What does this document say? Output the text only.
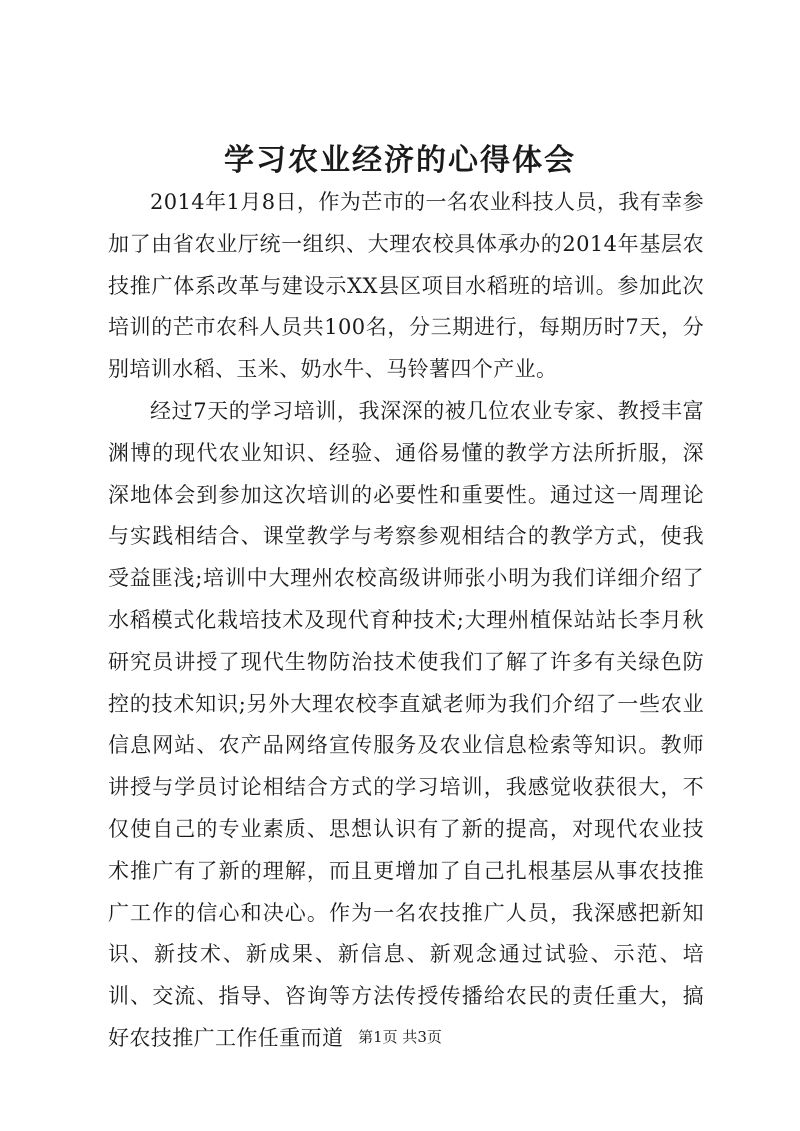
学习农业经济的心得体会

2014年1月8日，作为芒市的一名农业科技人员，我有幸参加了由省农业厅统一组织、大理农校具体承办的2014年基层农技推广体系改革与建设示XX县区项目水稻班的培训。参加此次培训的芒市农科人员共100名，分三期进行，每期历时7天，分别培训水稻、玉米、奶水牛、马铃薯四个产业。

经过7天的学习培训，我深深的被几位农业专家、教授丰富渊博的现代农业知识、经验、通俗易懂的教学方法所折服，深深地体会到参加这次培训的必要性和重要性。通过这一周理论与实践相结合、课堂教学与考察参观相结合的教学方式，使我受益匪浅;培训中大理州农校高级讲师张小明为我们详细介绍了水稻模式化栽培技术及现代育种技术;大理州植保站站长李月秋研究员讲授了现代生物防治技术使我们了解了许多有关绿色防控的技术知识;另外大理农校李直斌老师为我们介绍了一些农业信息网站、农产品网络宣传服务及农业信息检索等知识。教师讲授与学员讨论相结合方式的学习培训，我感觉收获很大，不仅使自己的专业素质、思想认识有了新的提高，对现代农业技术推广有了新的理解，而且更增加了自己扎根基层从事农技推广工作的信心和决心。作为一名农技推广人员，我深感把新知识、新技术、新成果、新信息、新观念通过试验、示范、培训、交流、指导、咨询等方法传授传播给农民的责任重大，搞好农技推广工作任重而道 第1页 共3页
